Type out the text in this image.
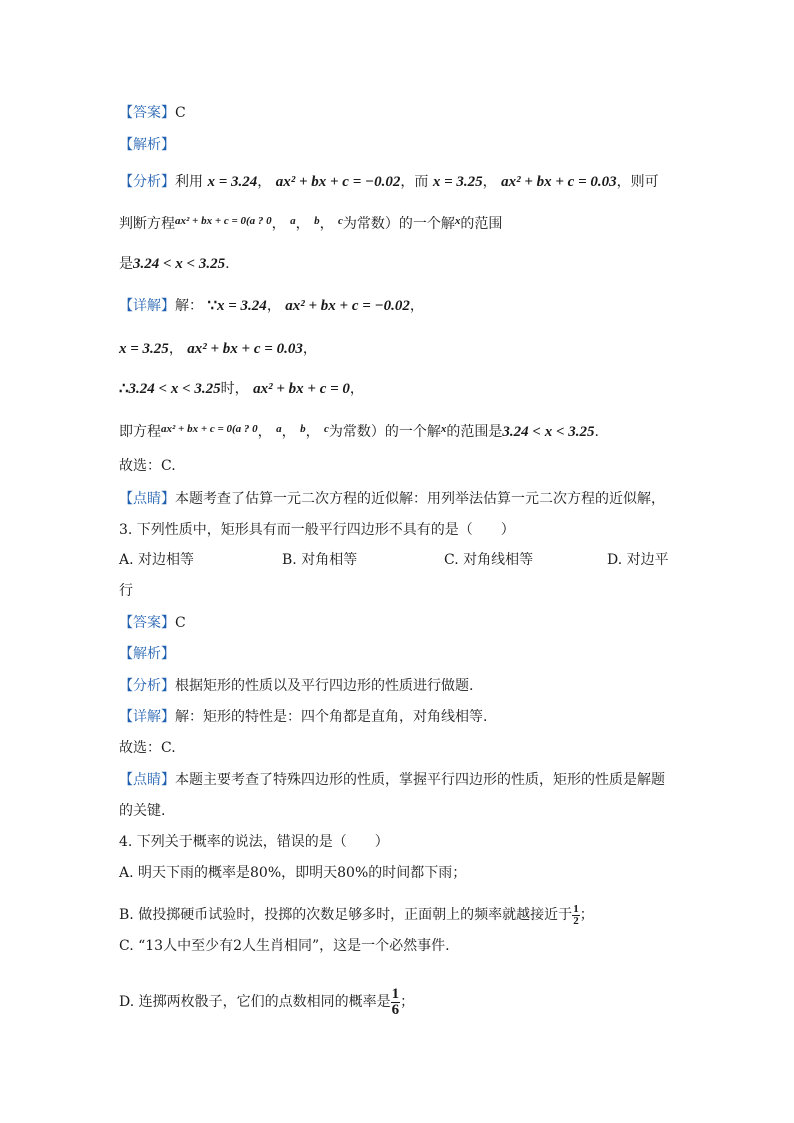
【答案】C
【解析】
【分析】利用 x = 3.24， ax² + bx + c = −0.02，而 x = 3.25， ax² + bx + c = 0.03，则可
判断方程$^{ax^2 + bx + c = 0(a ? 0}$， $^a$， $^b$， $^c$为常数）的一个解$^x$的范围
是3.24 < x < 3.25.
【详解】解： ∵x = 3.24， ax² + bx + c = −0.02，
x = 3.25， ax² + bx + c = 0.03，
∴3.24 < x < 3.25时， ax² + bx + c = 0，
即方程$^{ax^2 + bx + c = 0(a ? 0}$， $^a$， $^b$， $^c$为常数）的一个解$^x$的范围是3.24 < x < 3.25.
故选：C.
【点睛】本题考查了估算一元二次方程的近似解：用列举法估算一元二次方程的近似解，
3. 下列性质中，矩形具有而一般平行四边形不具有的是（　　）
A. 对边相等	B. 对角相等	C. 对角线相等	D. 对边平
行
【答案】C
【解析】
【分析】根据矩形的性质以及平行四边形的性质进行做题.
【详解】解：矩形的特性是：四个角都是直角，对角线相等.
故选：C.
【点睛】本题主要考查了特殊四边形的性质，掌握平行四边形的性质，矩形的性质是解题
的关键.
4. 下列关于概率的说法，错误的是（　　）
A. 明天下雨的概率是80%，即明天80%的时间都下雨；
B. 做投掷硬币试验时，投掷的次数足够多时，正面朝上的频率就越接近于 $\frac{1}{2}$ ；
C. “13人中至少有2人生肖相同”，这是一个必然事件.
D. 连掷两枚骰子，它们的点数相同的概率是 $\frac{1}{6}$ ；
